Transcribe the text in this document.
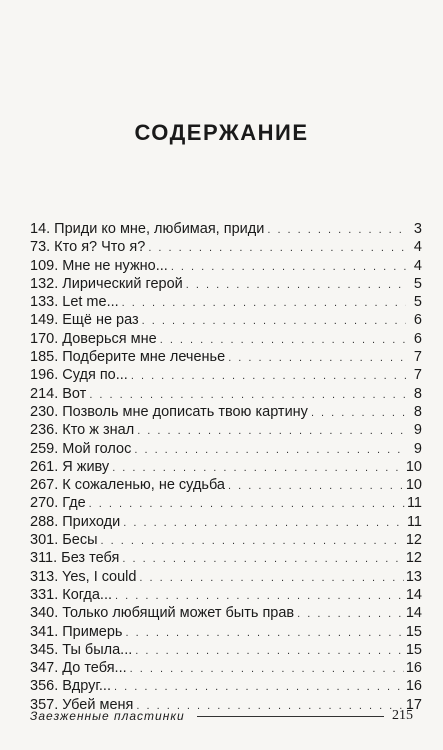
СОДЕРЖАНИЕ
14. Приди ко мне, любимая, приди . . .	3
73. Кто я? Что я? . . .	4
109. Мне не нужно... . . .	4
132. Лирический герой . . .	5
133. Let me... . . .	5
149. Ещё не раз . . .	6
170. Доверься мне . . .	6
185. Подберите мне леченье . . .	7
196. Судя по... . . .	7
214. Вот . . .	8
230. Позволь мне дописать твою картину . . .	8
236. Кто ж знал . . .	9
259. Мой голос . . .	9
261. Я живу . . .	10
267. К сожаленью, не судьба . . .	10
270. Где . . .	11
288. Приходи . . .	11
301. Бесы . . .	12
311. Без тебя . . .	12
313. Yes, I could . . .	13
331. Когда... . . .	14
340. Только любящий может быть прав . . .	14
341. Примерь . . .	15
345. Ты была... . . .	15
347. До тебя... . . .	16
356. Вдруг... . . .	16
357. Убей меня . . .	17
Заезженные пластинки	215
